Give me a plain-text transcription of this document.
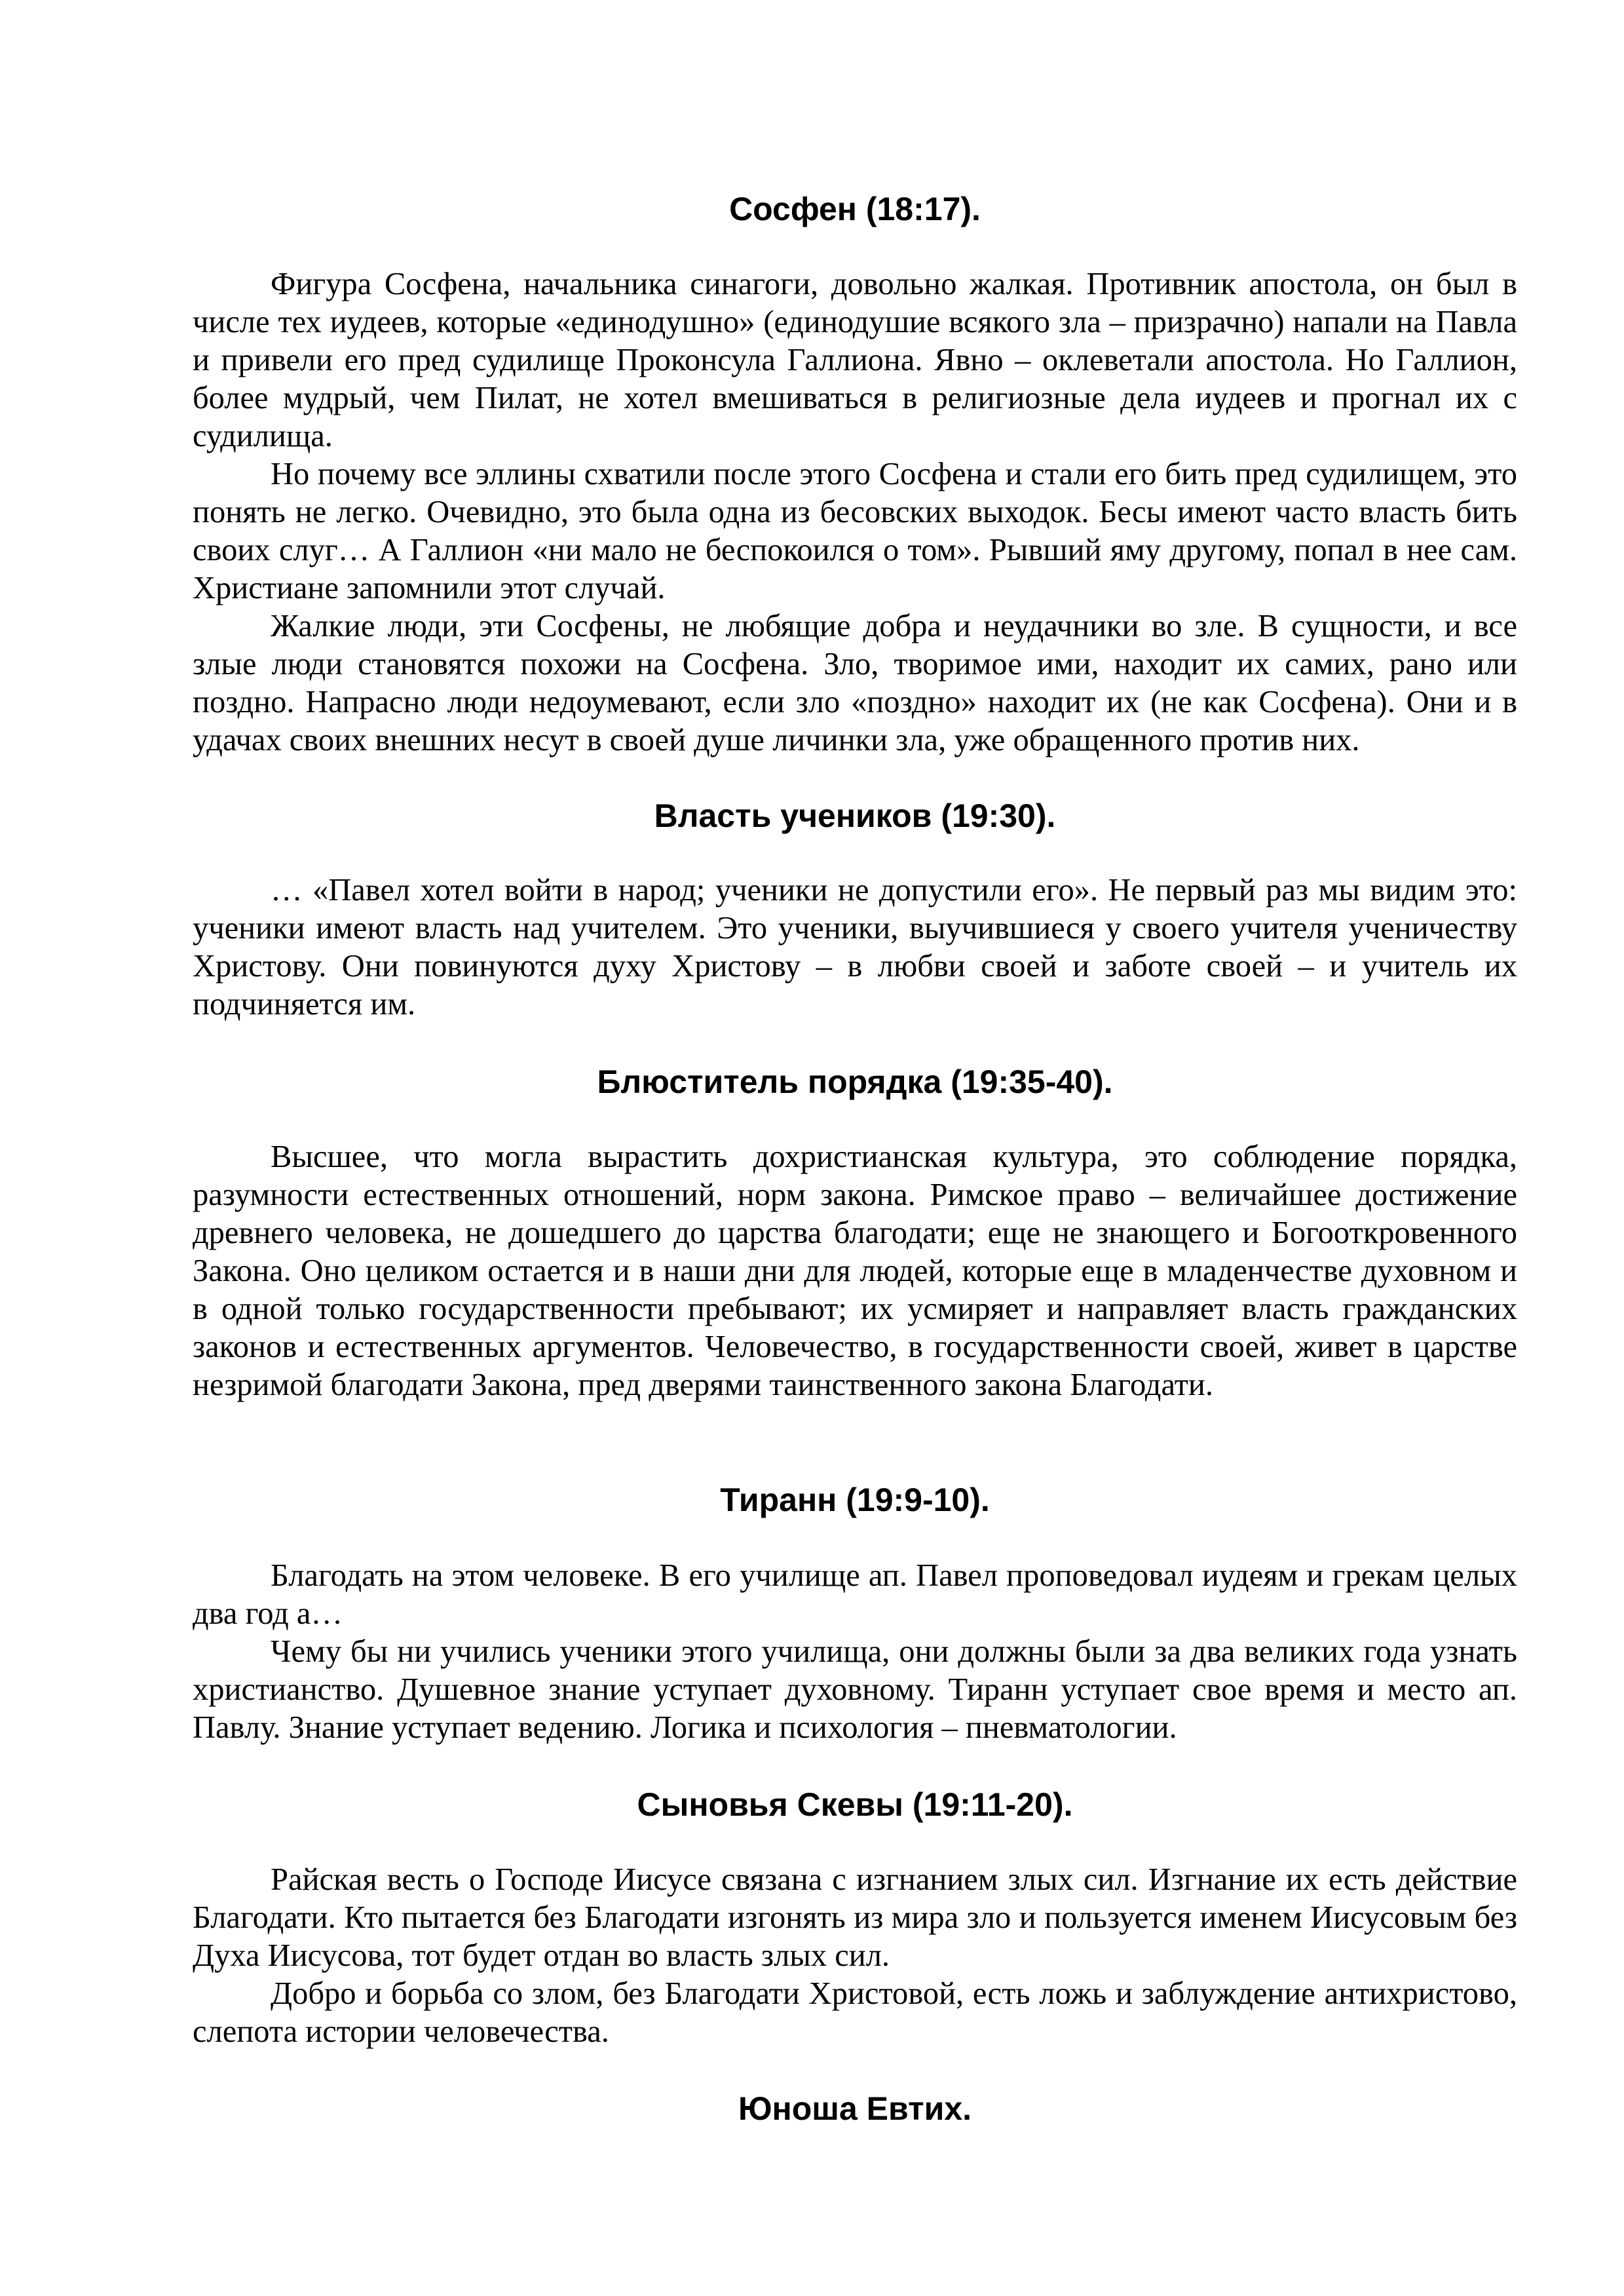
Сосфен (18:17).

Фигура Сосфена, начальника синагоги, довольно жалкая. Противник апостола, он был в числе тех иудеев, которые «единодушно» (единодушие всякого зла – призрачно) напали на Павла и привели его пред судилище Проконсула Галлиона. Явно – оклеветали апостола. Но Галлион, более мудрый, чем Пилат, не хотел вмешиваться в религиозные дела иудеев и прогнал их с судилища.

Но почему все эллины схватили после этого Сосфена и стали его бить пред судилищем, это понять не легко. Очевидно, это была одна из бесовских выходок. Бесы имеют часто власть бить своих слуг… А Галлион «ни мало не беспокоился о том». Рывший яму другому, попал в нее сам. Христиане запомнили этот случай.

Жалкие люди, эти Сосфены, не любящие добра и неудачники во зле. В сущности, и все злые люди становятся похожи на Сосфена. Зло, творимое ими, находит их самих, рано или поздно. Напрасно люди недоумевают, если зло «поздно» находит их (не как Сосфена). Они и в удачах своих внешних несут в своей душе личинки зла, уже обращенного против них.

Власть учеников (19:30).

… «Павел хотел войти в народ; ученики не допустили его». Не первый раз мы видим это: ученики имеют власть над учителем. Это ученики, выучившиеся у своего учителя ученичеству Христову. Они повинуются духу Христову – в любви своей и заботе своей – и учитель их подчиняется им.

Блюститель порядка (19:35-40).

Высшее, что могла вырастить дохристианская культура, это соблюдение порядка, разумности естественных отношений, норм закона. Римское право – величайшее достижение древнего человека, не дошедшего до царства благодати; еще не знающего и Богооткровенного Закона. Оно целиком остается и в наши дни для людей, которые еще в младенчестве духовном и в одной только государственности пребывают; их усмиряет и направляет власть гражданских законов и естественных аргументов. Человечество, в государственности своей, живет в царстве незримой благодати Закона, пред дверями таинственного закона Благодати.

Тиранн (19:9-10).

Благодать на этом человеке. В его училище ап. Павел проповедовал иудеям и грекам целых два год а…

Чему бы ни учились ученики этого училища, они должны были за два великих года узнать христианство. Душевное знание уступает духовному. Тиранн уступает свое время и место ап. Павлу. Знание уступает ведению. Логика и психология – пневматологии.

Сыновья Скевы (19:11-20).

Райская весть о Господе Иисусе связана с изгнанием злых сил. Изгнание их есть действие Благодати. Кто пытается без Благодати изгонять из мира зло и пользуется именем Иисусовым без Духа Иисусова, тот будет отдан во власть злых сил.

Добро и борьба со злом, без Благодати Христовой, есть ложь и заблуждение антихристово, слепота истории человечества.

Юноша Евтих.
